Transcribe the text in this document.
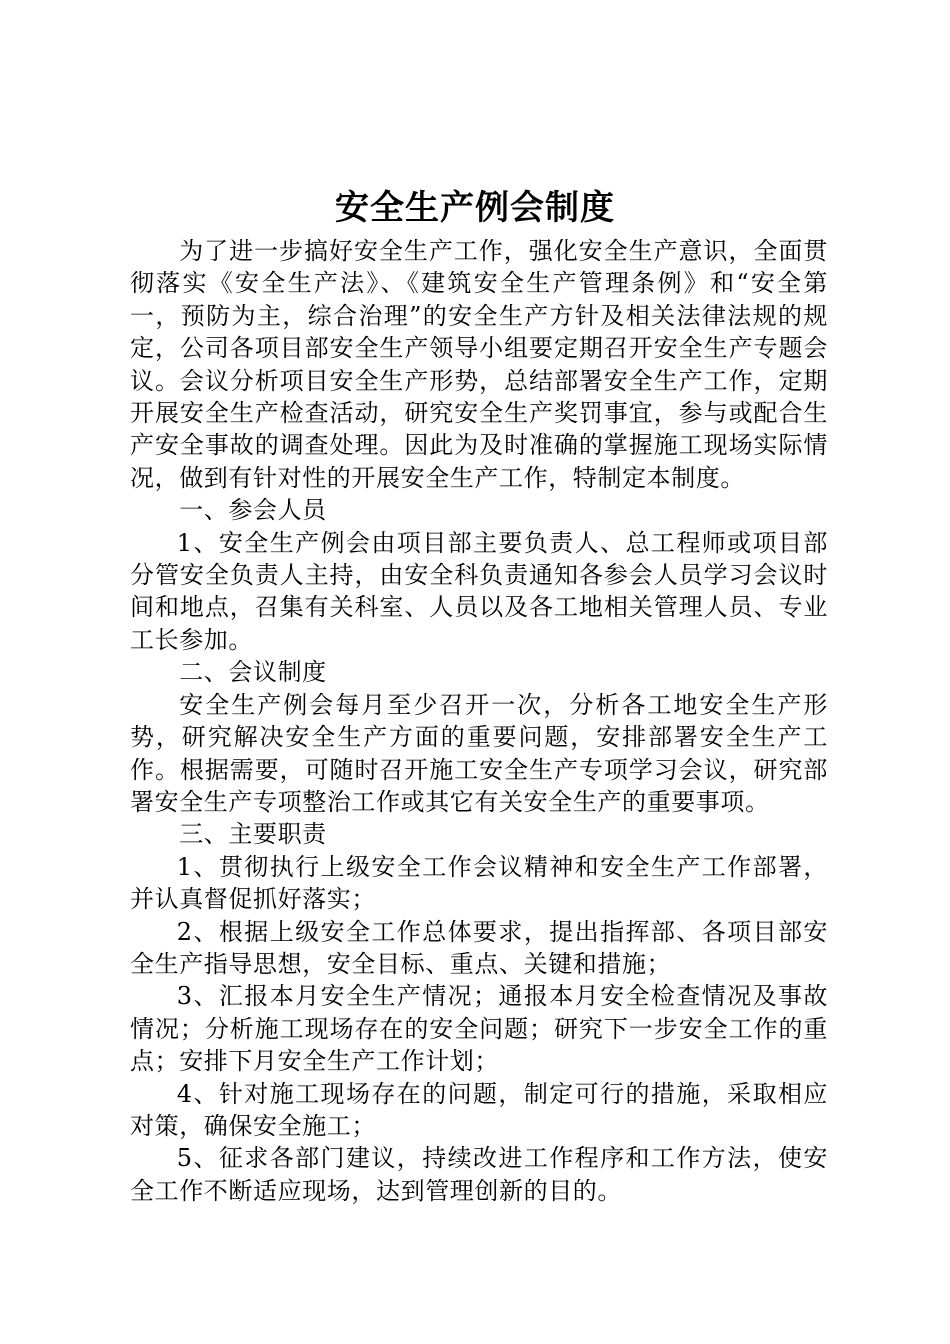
安全生产例会制度

为了进一步搞好安全生产工作，强化安全生产意识，全面贯彻落实《安全生产法》、《建筑安全生产管理条例》和“安全第一，预防为主，综合治理”的安全生产方针及相关法律法规的规定，公司各项目部安全生产领导小组要定期召开安全生产专题会议。会议分析项目安全生产形势，总结部署安全生产工作，定期开展安全生产检查活动，研究安全生产奖罚事宜，参与或配合生产安全事故的调查处理。因此为及时准确的掌握施工现场实际情况，做到有针对性的开展安全生产工作，特制定本制度。

一、参会人员

1、安全生产例会由项目部主要负责人、总工程师或项目部分管安全负责人主持，由安全科负责通知各参会人员学习会议时间和地点，召集有关科室、人员以及各工地相关管理人员、专业工长参加。

二、会议制度

安全生产例会每月至少召开一次，分析各工地安全生产形势，研究解决安全生产方面的重要问题，安排部署安全生产工作。根据需要，可随时召开施工安全生产专项学习会议，研究部署安全生产专项整治工作或其它有关安全生产的重要事项。

三、主要职责

1、贯彻执行上级安全工作会议精神和安全生产工作部署，并认真督促抓好落实；

2、根据上级安全工作总体要求，提出指挥部、各项目部安全生产指导思想，安全目标、重点、关键和措施；

3、汇报本月安全生产情况；通报本月安全检查情况及事故情况；分析施工现场存在的安全问题；研究下一步安全工作的重点；安排下月安全生产工作计划；

4、针对施工现场存在的问题，制定可行的措施，采取相应对策，确保安全施工；

5、征求各部门建议，持续改进工作程序和工作方法，使安全工作不断适应现场，达到管理创新的目的。
